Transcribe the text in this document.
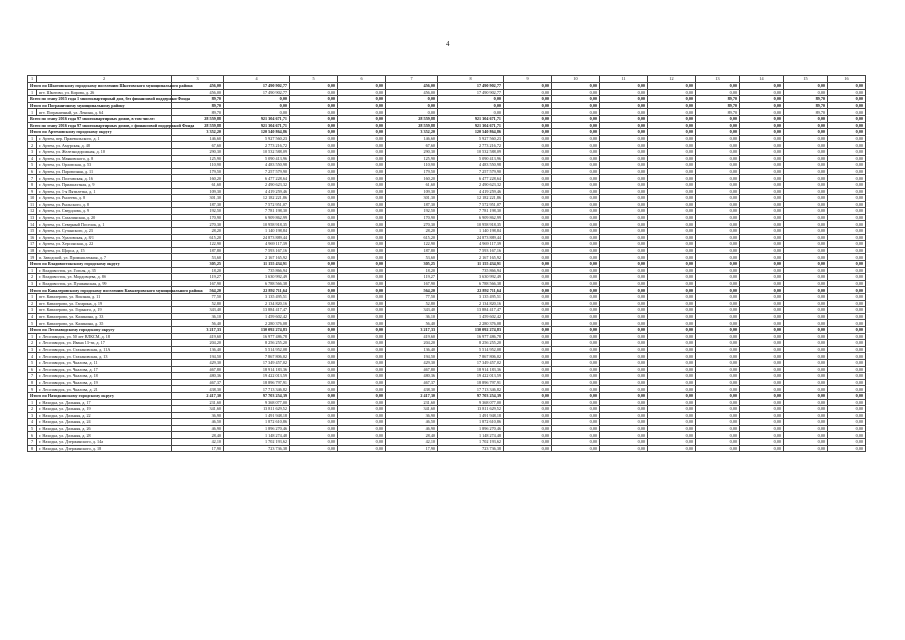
4
1	2	3	4	5	6	7	8	9	10	11	12	13	14	15	16
Итого по Шкотовскому городскому поселению Шкотовского муниципального района		456,00	17 490 902,77	0,00	0,00	456,00	17 490 902,77	0,00	0,00	0,00	0,00	0,00	0,00	0,00	0,00
1	пгт. Шкотово, ул. Кирова, д. 26	456,00	17 490 902,77	0,00	0,00	456,00	17 490 902,77	0,00	0,00	0,00	0,00	0,00	0,00	0,00	0,00
Всего по этапу 2015 года 1 многоквартирный дом, без финансовой поддержки Фонда		89,70	0,00	0,00	0,00	0,00	0,00	0,00	0,00	0,00	0,00	89,70	0,00	89,70	0,00
Итого по Пограничному муниципальному району		89,70	0,00	0,00	0,00	0,00	0,00	0,00	0,00	0,00	0,00	89,70	0,00	89,70	0,00
1	пгт. Пограничный, ул. Ленина, д. 64	89,70	0,00	0,00	0,00	0,00	0,00	0,00	0,00	0,00	0,00	89,70	0,00	89,70	0,00
Всего по этапу 2016 года 97 многоквартирных домов, в том числе:		28 559,88	921 304 671,71	0,00	0,00	28 559,88	921 304 671,71	0,00	0,00	0,00	0,00	0,00	0,00	0,00	0,00
Всего по этапу 2016 года 97 многоквартирных домов, с финансовой поддержкой Фонда		28 559,88	921 304 671,71	0,00	0,00	28 559,88	921 304 671,71	0,00	0,00	0,00	0,00	0,00	0,00	0,00	0,00
Итого по Артемовскому городскому округу		3 352,20	120 540 864,86	0,00	0,00	3 352,20	120 540 864,86	0,00	0,00	0,00	0,00	0,00	0,00	0,00	0,00
1	г. Артем, пер. Пржевальского, д. 1	146,60	5 927 560,23	0,00	0,00	146,60	5 927 560,23	0,00	0,00	0,00	0,00	0,00	0,00	0,00	0,00
2	г. Артем, ул. Амурская, д. 48	67,60	2 773 216,72	0,00	0,00	67,60	2 773 216,72	0,00	0,00	0,00	0,00	0,00	0,00	0,00	0,00
3	г. Артем, ул. Железнодорожная, д. 10	290,30	10 532 588,09	0,00	0,00	290,30	10 532 588,09	0,00	0,00	0,00	0,00	0,00	0,00	0,00	0,00
4	г. Артем, ул. Маяковского, д. 8	125,90	5 090 413,96	0,00	0,00	125,90	5 090 413,96	0,00	0,00	0,00	0,00	0,00	0,00	0,00	0,00
5	г. Артем, ул. Орловская, д. 53	110,90	4 483 550,98	0,00	0,00	110,90	4 483 550,98	0,00	0,00	0,00	0,00	0,00	0,00	0,00	0,00
6	г. Артем, ул. Паровозная, д. 11	179,50	7 257 579,90	0,00	0,00	179,50	7 257 579,90	0,00	0,00	0,00	0,00	0,00	0,00	0,00	0,00
7	г. Артем, ул. Полтавская, д. 16	160,20	6 477 228,64	0,00	0,00	160,20	6 477 228,64	0,00	0,00	0,00	0,00	0,00	0,00	0,00	0,00
8	г. Артем, ул. Приашахтная, д. 9	61,60	2 490 623,32	0,00	0,00	61,60	2 490 623,32	0,00	0,00	0,00	0,00	0,00	0,00	0,00	0,00
9	г. Артем, ул. 1-я Пятилетка, д. 1	109,30	4 419 259,46	0,00	0,00	109,30	4 419 259,46	0,00	0,00	0,00	0,00	0,00	0,00	0,00	0,00
10	г. Артем, ул. Рылеева, д. 8	301,30	12 182 221,86	0,00	0,00	301,30	12 182 221,86	0,00	0,00	0,00	0,00	0,00	0,00	0,00	0,00
11	г. Артем, ул. Рыльского, д. 8	187,30	7 572 951,07	0,00	0,00	187,30	7 572 951,07	0,00	0,00	0,00	0,00	0,00	0,00	0,00	0,00
12	г. Артем, ул. Свердлова, д. 9	192,50	7 781 198,30	0,00	0,00	192,50	7 781 198,30	0,00	0,00	0,00	0,00	0,00	0,00	0,00	0,00
13	г. Артем, ул. Сахалинская, д. 20	170,90	6 909 862,99	0,00	0,00	170,90	6 909 862,99	0,00	0,00	0,00	0,00	0,00	0,00	0,00	0,00
14	г. Артем, ул. Северный Поселок, д. 1	270,30	10 958 918,35	0,00	0,00	270,30	10 958 918,35	0,00	0,00	0,00	0,00	0,00	0,00	0,00	0,00
15	г. Артем, ул. Сучанского, д. 23	28,20	1 140 198,84	0,00	0,00	28,20	1 140 198,84	0,00	0,00	0,00	0,00	0,00	0,00	0,00	0,00
16	г. Артем, ул. Ураловская, д. 8/1	615,20	24 873 889,44	0,00	0,00	615,20	24 873 889,44	0,00	0,00	0,00	0,00	0,00	0,00	0,00	0,00
17	г. Артем, ул. Херсонская, д. 22	122,90	4 969 117,39	0,00	0,00	122,90	4 969 117,39	0,00	0,00	0,00	0,00	0,00	0,00	0,00	0,00
18	г. Артем, ул. Щорса, д. 15	187,80	7 593 167,16	0,00	0,00	187,80	7 593 167,16	0,00	0,00	0,00	0,00	0,00	0,00	0,00	0,00
19	п. Заводской, ул. Промышленная, д. 7	53,60	2 167 165,92	0,00	0,00	53,60	2 167 165,92	0,00	0,00	0,00	0,00	0,00	0,00	0,00	0,00
Итого по Владивостокскому городскому округу		305,25	11 155 434,91	0,00	0,00	305,25	11 155 434,91	0,00	0,00	0,00	0,00	0,00	0,00	0,00	0,00
1	г. Владивосток, ул. Гоголя, д. 35	18,20	735 866,94	0,00	0,00	18,20	735 866,94	0,00	0,00	0,00	0,00	0,00	0,00	0,00	0,00
2	г. Владивосток, ул. Мордовцева, д. 8б	119,27	3 630 992,49	0,00	0,00	119,27	3 630 992,49	0,00	0,00	0,00	0,00	0,00	0,00	0,00	0,00
3	г. Владивосток, ул. Пушкинская, д. 99	167,90	6 788 566,38	0,00	0,00	167,90	6 788 566,38	0,00	0,00	0,00	0,00	0,00	0,00	0,00	0,00
Итого по Кавалеровскому городскому поселению Кавалеровского муниципального района		564,20	22 892 711,64	0,00	0,00	564,20	22 892 711,64	0,00	0,00	0,00	0,00	0,00	0,00	0,00	0,00
1	пгт. Кавалерово, ул. Вокзная, д. 11	77,50	3 135 495,51	0,00	0,00	77,50	3 135 495,51	0,00	0,00	0,00	0,00	0,00	0,00	0,00	0,00
2	пгт. Кавалерово, ул. Гагарина, д. 19	52,80	2 134 820,16	0,00	0,00	52,80	2 134 820,16	0,00	0,00	0,00	0,00	0,00	0,00	0,00	0,00
3	пгт. Кавалерово, ул. Горького, д. 19	343,40	13 884 417,47	0,00	0,00	343,40	13 884 417,47	0,00	0,00	0,00	0,00	0,00	0,00	0,00	0,00
4	пгт. Кавалерово, ул. Калинина, д. 33	36,10	1 459 602,42	0,00	0,00	36,10	1 459 602,42	0,00	0,00	0,00	0,00	0,00	0,00	0,00	0,00
5	пгт. Кавалерово, ул. Калинина, д. 35	56,40	2 280 376,08	0,00	0,00	56,40	2 280 376,08	0,00	0,00	0,00	0,00	0,00	0,00	0,00	0,00
Итого по Лесозаводскому городскому округу		3 217,33	130 092 274,83	0,00	0,00	3 217,33	130 092 274,83	0,00	0,00	0,00	0,00	0,00	0,00	0,00	0,00
1	г. Лесозаводск, ул. 50 лет ВЛКСМ, д. 18	419,60	16 977 486,78	0,00	0,00	419,60	16 977 486,78	0,00	0,00	0,00	0,00	0,00	0,00	0,00	0,00
2	г. Лесозаводск, ул. Ивана 13-ти, д. 17	204,20	8 256 255,20	0,00	0,00	204,20	8 256 255,20	0,00	0,00	0,00	0,00	0,00	0,00	0,00	0,00
3	г. Лесозаводск, ул. Стахановская, д. 11А	136,40	5 514 952,08	0,00	0,00	136,40	5 514 952,08	0,00	0,00	0,00	0,00	0,00	0,00	0,00	0,00
4	г. Лесозаводск, ул. Стахановская, д. 13	194,50	7 867 806,02	0,00	0,00	194,50	7 867 806,02	0,00	0,00	0,00	0,00	0,00	0,00	0,00	0,00
5	г. Лесозаводск, ул. Чкалова, д. 11	429,30	17 349 457,02	0,00	0,00	429,30	17 349 457,02	0,00	0,00	0,00	0,00	0,00	0,00	0,00	0,00
6	г. Лесозаводск, ул. Чкалова, д. 17	467,80	18 914 183,36	0,00	0,00	467,80	18 914 183,36	0,00	0,00	0,00	0,00	0,00	0,00	0,00	0,00
7	г. Лесозаводск, ул. Чкалова, д. 18	480,36	19 422 013,59	0,00	0,00	480,36	19 422 013,59	0,00	0,00	0,00	0,00	0,00	0,00	0,00	0,00
8	г. Лесозаводск, ул. Чкалова, д. 19	467,37	18 896 797,91	0,00	0,00	467,37	18 896 797,91	0,00	0,00	0,00	0,00	0,00	0,00	0,00	0,00
9	г. Лесозаводск, ул. Чкалова, д. 21	438,30	17 713 346,82	0,00	0,00	438,30	17 713 346,82	0,00	0,00	0,00	0,00	0,00	0,00	0,00	0,00
Итого по Находкинскому городскому округу		2 417,30	97 703 254,39	0,00	0,00	2 417,30	97 703 254,39	0,00	0,00	0,00	0,00	0,00	0,00	0,00	0,00
1	г. Находка, ул. Дальняя, д. 17	231,60	9 368 077,00	0,00	0,00	231,60	9 368 077,00	0,00	0,00	0,00	0,00	0,00	0,00	0,00	0,00
2	г. Находка, ул. Дальняя, д. 19	341,60	13 811 629,52	0,00	0,00	341,60	13 811 629,52	0,00	0,00	0,00	0,00	0,00	0,00	0,00	0,00
3	г. Находка, ул. Дальняя, д. 22	36,90	1 491 948,18	0,00	0,00	36,90	1 491 948,18	0,00	0,00	0,00	0,00	0,00	0,00	0,00	0,00
4	г. Находка, ул. Дальняя, д. 24	46,50	1 872 610,86	0,00	0,00	46,50	1 872 610,86	0,00	0,00	0,00	0,00	0,00	0,00	0,00	0,00
5	г. Находка, ул. Дальняя, д. 26	46,90	1 896 270,46	0,00	0,00	46,90	1 896 270,46	0,00	0,00	0,00	0,00	0,00	0,00	0,00	0,00
6	г. Находка, ул. Дальняя, д. 28	28,40	1 148 274,48	0,00	0,00	28,40	1 148 274,48	0,00	0,00	0,00	0,00	0,00	0,00	0,00	0,00
7	г. Находка, ул. Дзержинского, д. 14а	42,10	1 702 193,62	0,00	0,00	42,10	1 702 193,62	0,00	0,00	0,00	0,00	0,00	0,00	0,00	0,00
8	г. Находка, ул. Дзержинского, д. 18	17,90	723 736,38	0,00	0,00	17,90	723 736,38	0,00	0,00	0,00	0,00	0,00	0,00	0,00	0,00
